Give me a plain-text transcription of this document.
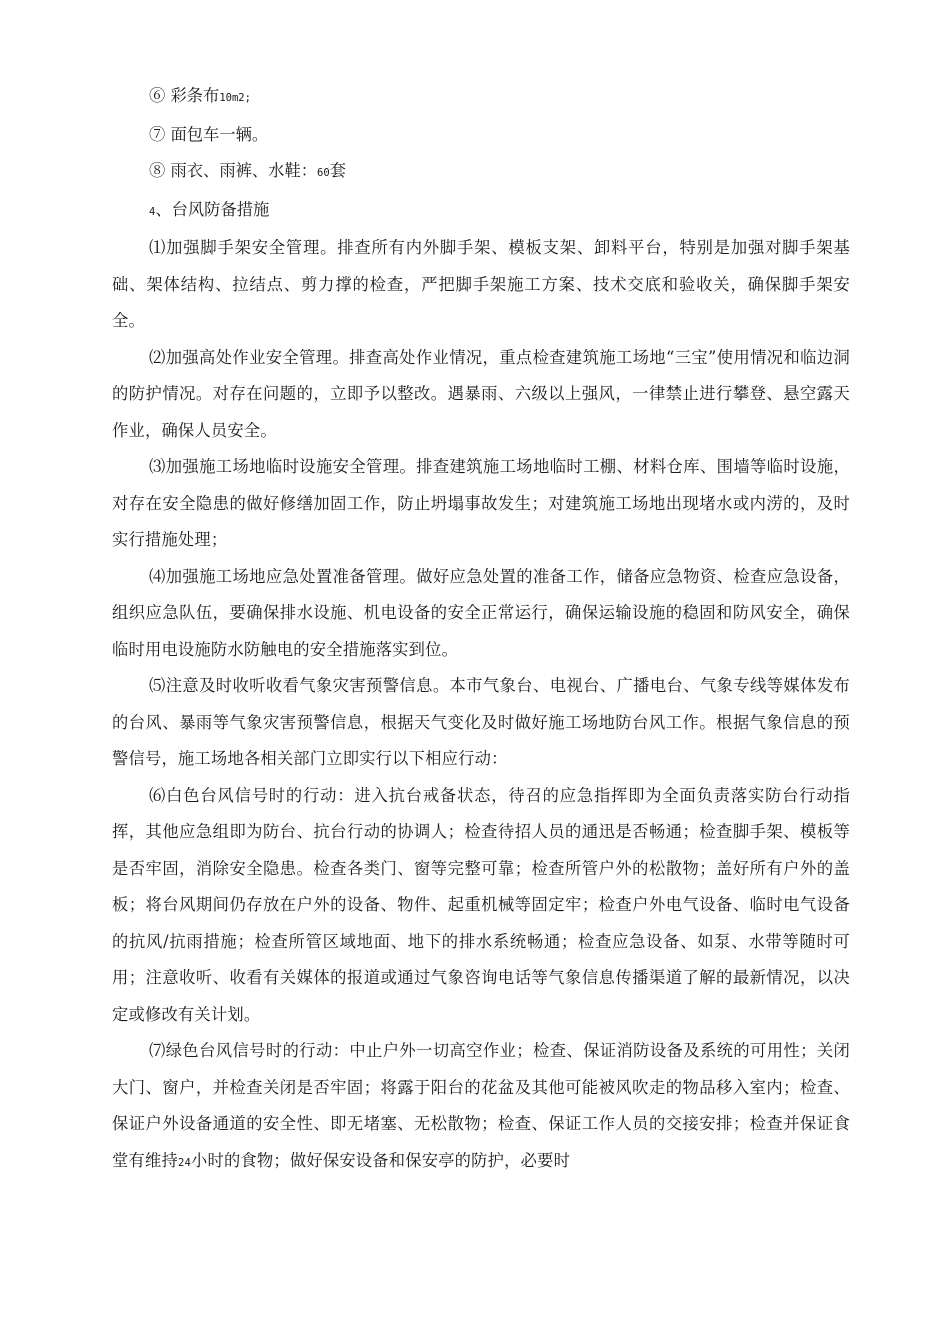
⑥ 彩条布10m2;

⑦ 面包车一辆。

⑧ 雨衣、雨裤、水鞋：60套

4、台风防备措施

⑴加强脚手架安全管理。排查所有内外脚手架、模板支架、卸料平台，特别是加强对脚手架基础、架体结构、拉结点、剪力撑的检查，严把脚手架施工方案、技术交底和验收关，确保脚手架安全。

⑵加强高处作业安全管理。排查高处作业情况，重点检查建筑施工场地“三宝”使用情况和临边洞的防护情况。对存在问题的，立即予以整改。遇暴雨、六级以上强风，一律禁止进行攀登、悬空露天作业，确保人员安全。

⑶加强施工场地临时设施安全管理。排查建筑施工场地临时工棚、材料仓库、围墙等临时设施，对存在安全隐患的做好修缮加固工作，防止坍塌事故发生；对建筑施工场地出现堵水或内涝的，及时实行措施处理；

⑷加强施工场地应急处置准备管理。做好应急处置的准备工作，储备应急物资、检查应急设备，组织应急队伍，要确保排水设施、机电设备的安全正常运行，确保运输设施的稳固和防风安全，确保临时用电设施防水防触电的安全措施落实到位。

⑸注意及时收听收看气象灾害预警信息。本市气象台、电视台、广播电台、气象专线等媒体发布的台风、暴雨等气象灾害预警信息，根据天气变化及时做好施工场地防台风工作。根据气象信息的预警信号，施工场地各相关部门立即实行以下相应行动：

⑹白色台风信号时的行动：进入抗台戒备状态，待召的应急指挥即为全面负责落实防台行动指挥，其他应急组即为防台、抗台行动的协调人；检查待招人员的通迅是否畅通；检查脚手架、模板等是否牢固，消除安全隐患。检查各类门、窗等完整可靠；检查所管户外的松散物；盖好所有户外的盖板；将台风期间仍存放在户外的设备、物件、起重机械等固定牢；检查户外电气设备、临时电气设备的抗风/抗雨措施；检查所管区域地面、地下的排水系统畅通；检查应急设备、如泵、水带等随时可用；注意收听、收看有关媒体的报道或通过气象咨询电话等气象信息传播渠道了解的最新情况，以决定或修改有关计划。

⑺绿色台风信号时的行动：中止户外一切高空作业；检查、保证消防设备及系统的可用性；关闭大门、窗户，并检查关闭是否牢固；将露于阳台的花盆及其他可能被风吹走的物品移入室内；检查、保证户外设备通道的安全性、即无堵塞、无松散物；检查、保证工作人员的交接安排；检查并保证食堂有维持24小时的食物；做好保安设备和保安亭的防护，必要时
